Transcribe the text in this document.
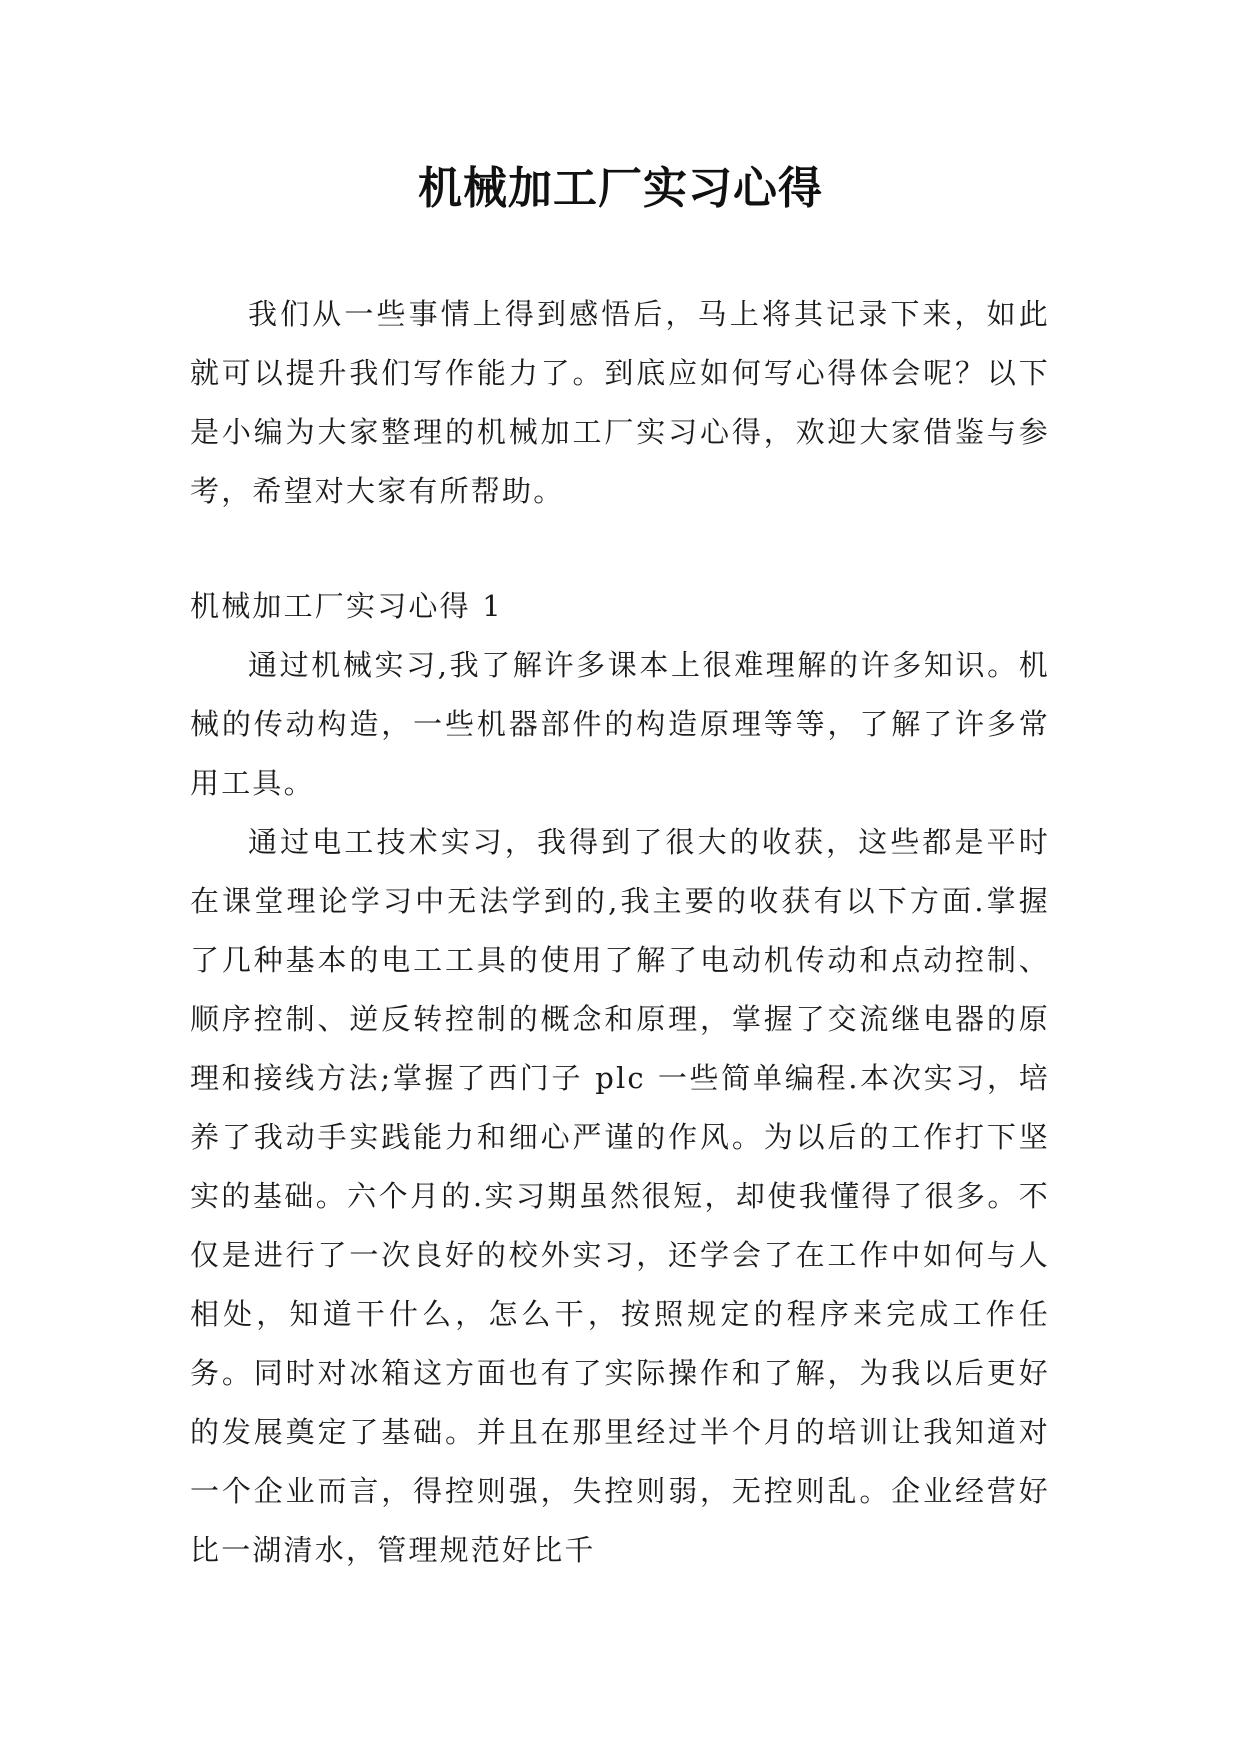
机械加工厂实习心得

我们从一些事情上得到感悟后，马上将其记录下来，如此就可以提升我们写作能力了。到底应如何写心得体会呢？以下是小编为大家整理的机械加工厂实习心得，欢迎大家借鉴与参考，希望对大家有所帮助。

机械加工厂实习心得 1

通过机械实习,我了解许多课本上很难理解的许多知识。机械的传动构造，一些机器部件的构造原理等等，了解了许多常用工具。

通过电工技术实习，我得到了很大的收获，这些都是平时在课堂理论学习中无法学到的,我主要的收获有以下方面.掌握了几种基本的电工工具的使用了解了电动机传动和点动控制、顺序控制、逆反转控制的概念和原理，掌握了交流继电器的原理和接线方法;掌握了西门子 plc 一些简单编程.本次实习，培养了我动手实践能力和细心严谨的作风。为以后的工作打下坚实的基础。六个月的.实习期虽然很短，却使我懂得了很多。不仅是进行了一次良好的校外实习，还学会了在工作中如何与人相处，知道干什么，怎么干，按照规定的程序来完成工作任务。同时对冰箱这方面也有了实际操作和了解，为我以后更好的发展奠定了基础。并且在那里经过半个月的培训让我知道对一个企业而言，得控则强，失控则弱，无控则乱。企业经营好比一湖清水，管理规范好比千
